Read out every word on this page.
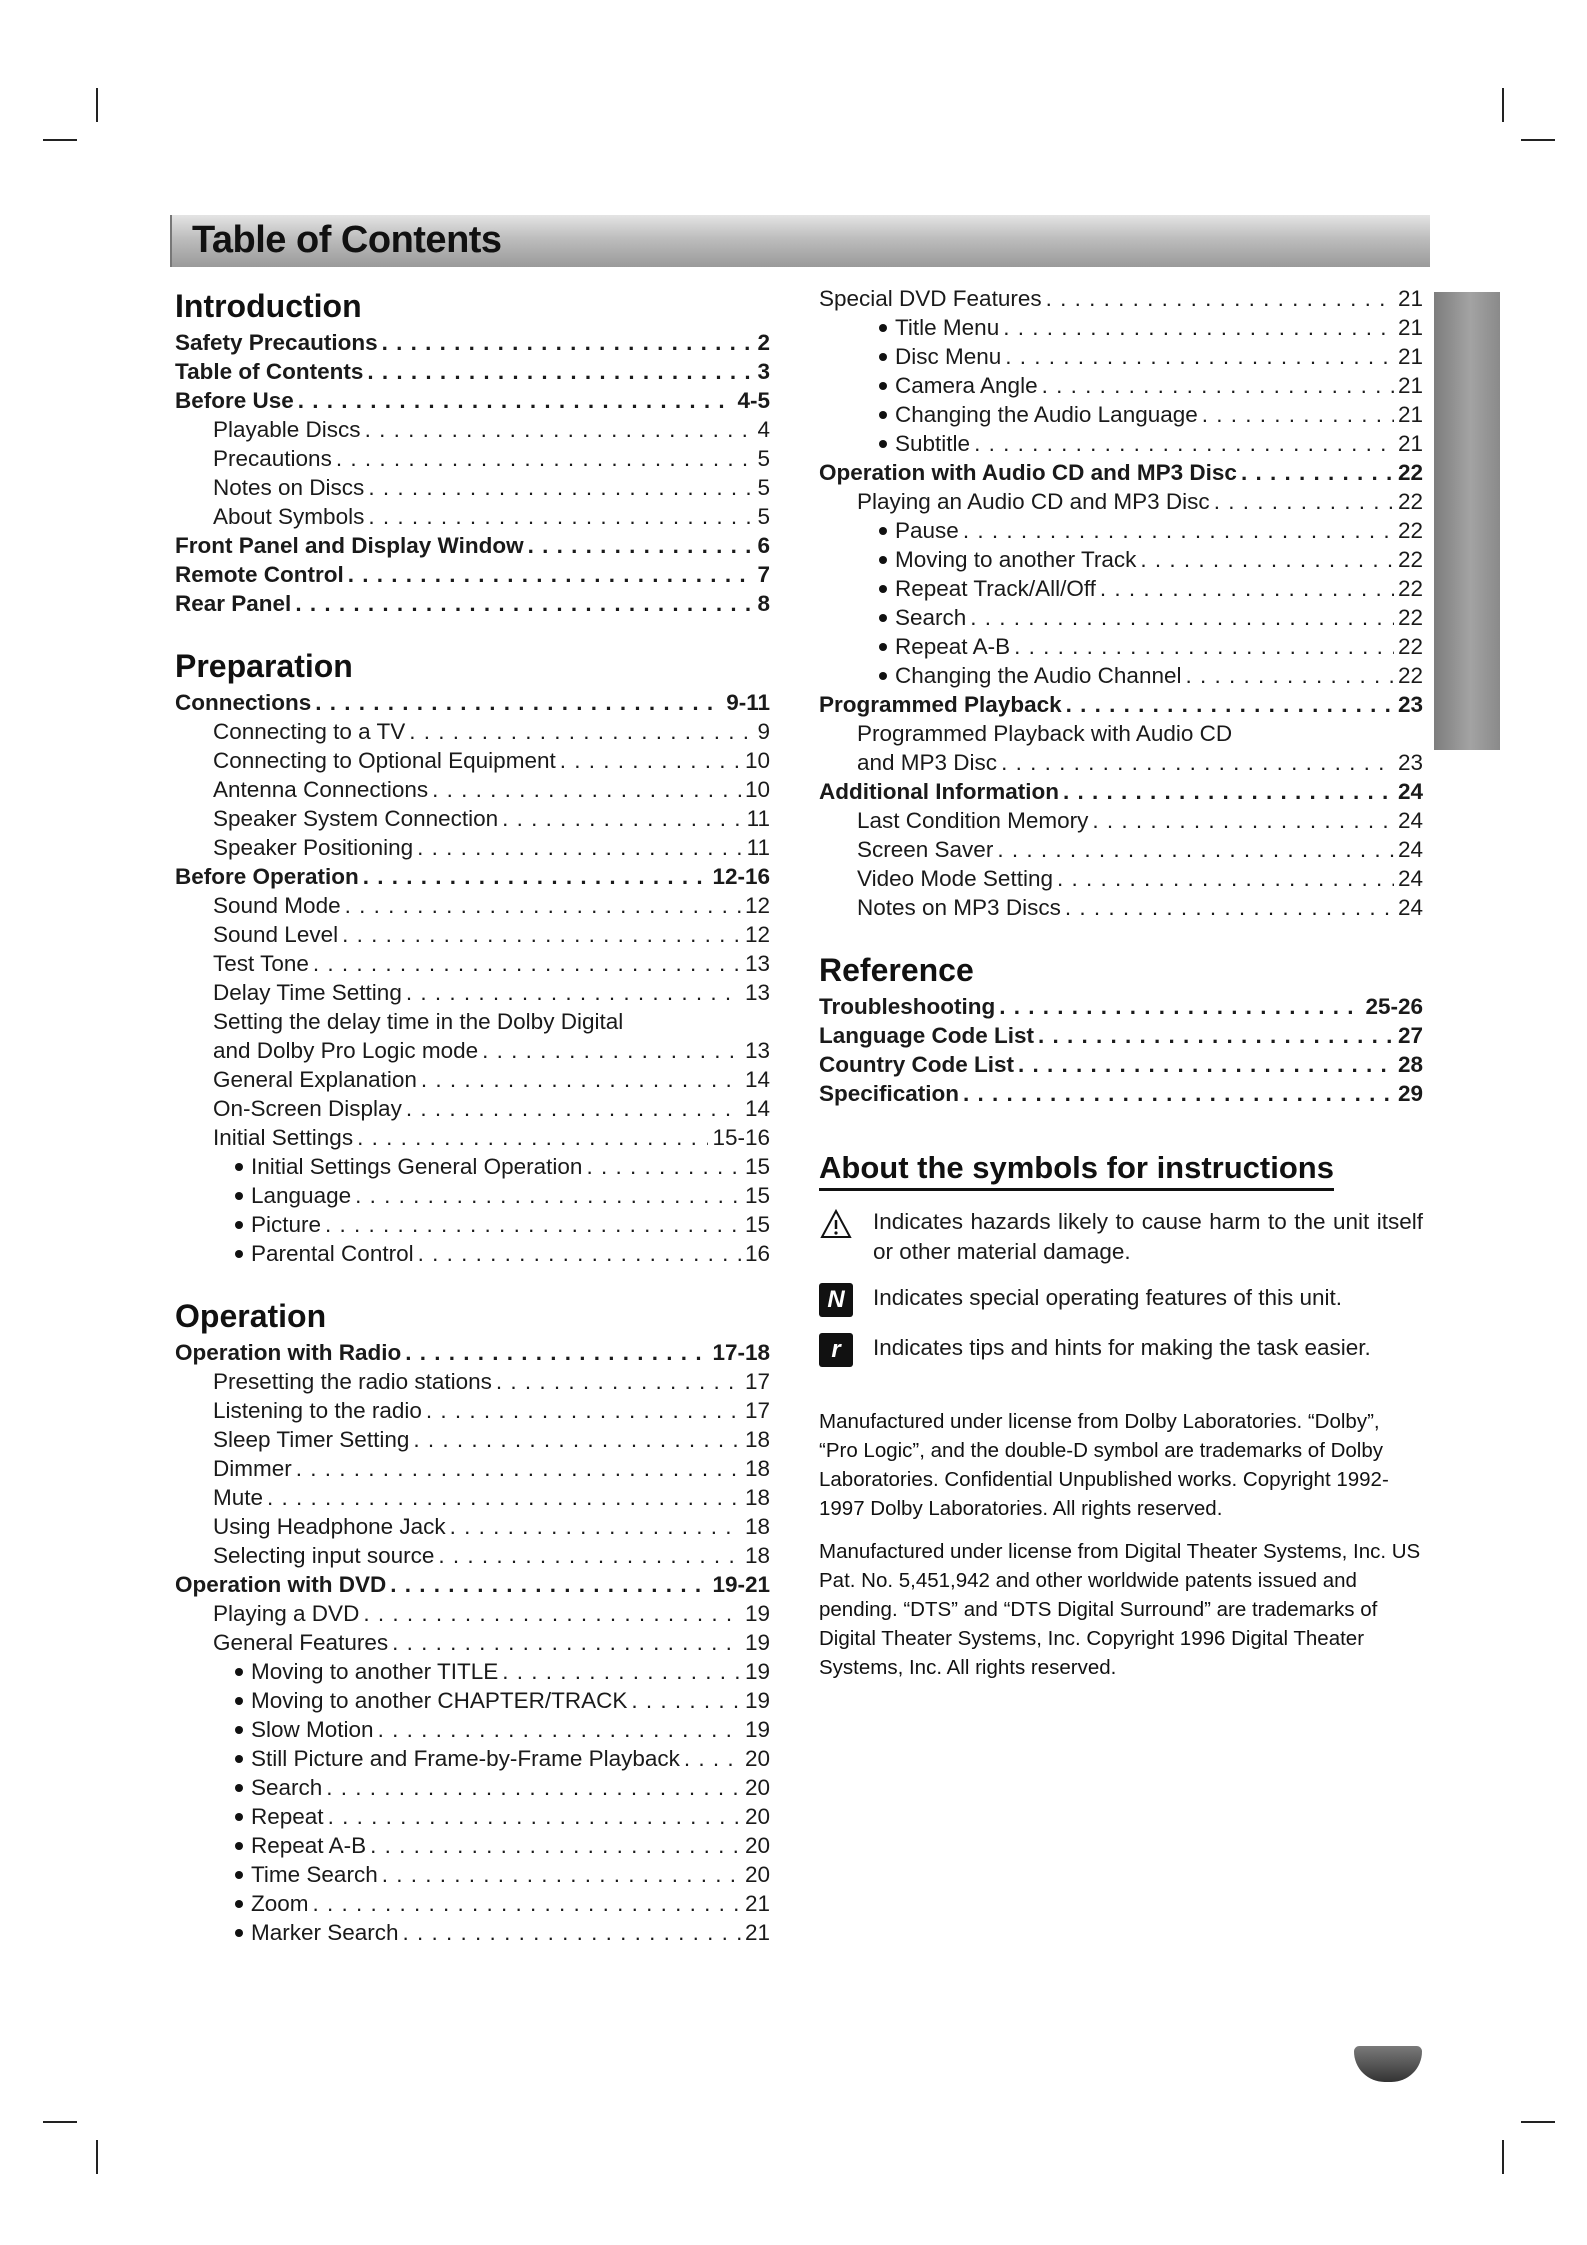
Table of Contents
Introduction
Safety Precautions . . .	2
Table of Contents . . .	3
Before Use . . .	4-5
Playable Discs . . .	4
Precautions . . .	5
Notes on Discs . . .	5
About Symbols . . .	5
Front Panel and Display Window . . .	6
Remote Control . . .	7
Rear Panel . . .	8
Preparation
Connections . . .	9-11
Connecting to a TV . . .	9
Connecting to Optional Equipment . . .	10
Antenna Connections . . .	10
Speaker System Connection . . .	11
Speaker Positioning . . .	11
Before Operation . . .	12-16
Sound Mode . . .	12
Sound Level . . .	12
Test Tone . . .	13
Delay Time Setting . . .	13
Setting the delay time in the Dolby Digital
and Dolby Pro Logic mode . . .	13
General Explanation . . .	14
On-Screen Display . . .	14
Initial Settings . . .	15-16
Initial Settings General Operation . . .	15
Language . . .	15
Picture . . .	15
Parental Control . . .	16
Operation
Operation with Radio . . .	17-18
Presetting the radio stations . . .	17
Listening to the radio . . .	17
Sleep Timer Setting . . .	18
Dimmer . . .	18
Mute . . .	18
Using Headphone Jack . . .	18
Selecting input source . . .	18
Operation with DVD . . .	19-21
Playing a DVD . . .	19
General Features . . .	19
Moving to another TITLE . . .	19
Moving to another CHAPTER/TRACK . . .	19
Slow Motion . . .	19
Still Picture and Frame-by-Frame Playback . . .	20
Search . . .	20
Repeat . . .	20
Repeat A-B . . .	20
Time Search . . .	20
Zoom . . .	21
Marker Search . . .	21
Special DVD Features . . .	21
Title Menu . . .	21
Disc Menu . . .	21
Camera Angle . . .	21
Changing the Audio Language . . .	21
Subtitle . . .	21
Operation with Audio CD and MP3 Disc . . .	22
Playing an Audio CD and MP3 Disc . . .	22
Pause . . .	22
Moving to another Track . . .	22
Repeat Track/All/Off . . .	22
Search . . .	22
Repeat A-B . . .	22
Changing the Audio Channel . . .	22
Programmed Playback . . .	23
Programmed Playback with Audio CD
and MP3 Disc . . .	23
Additional Information . . .	24
Last Condition Memory . . .	24
Screen Saver . . .	24
Video Mode Setting . . .	24
Notes on MP3 Discs . . .	24
Reference
Troubleshooting . . .	25-26
Language Code List . . .	27
Country Code List . . .	28
Specification . . .	29
About the symbols for instructions
Indicates hazards likely to cause harm to the unit itself or other material damage.
N	Indicates special operating features of this unit.
r	Indicates tips and hints for making the task easier.
Manufactured under license from Dolby Laboratories. “Dolby”, “Pro Logic”, and the double-D symbol are trademarks of Dolby Laboratories. Confidential Unpublished works. Copyright 1992-1997 Dolby Laboratories. All rights reserved.
Manufactured under license from Digital Theater Systems, Inc. US Pat. No. 5,451,942 and other worldwide patents issued and pending. “DTS” and “DTS Digital Surround” are trademarks of Digital Theater Systems, Inc. Copyright 1996 Digital Theater Systems, Inc. All rights reserved.
